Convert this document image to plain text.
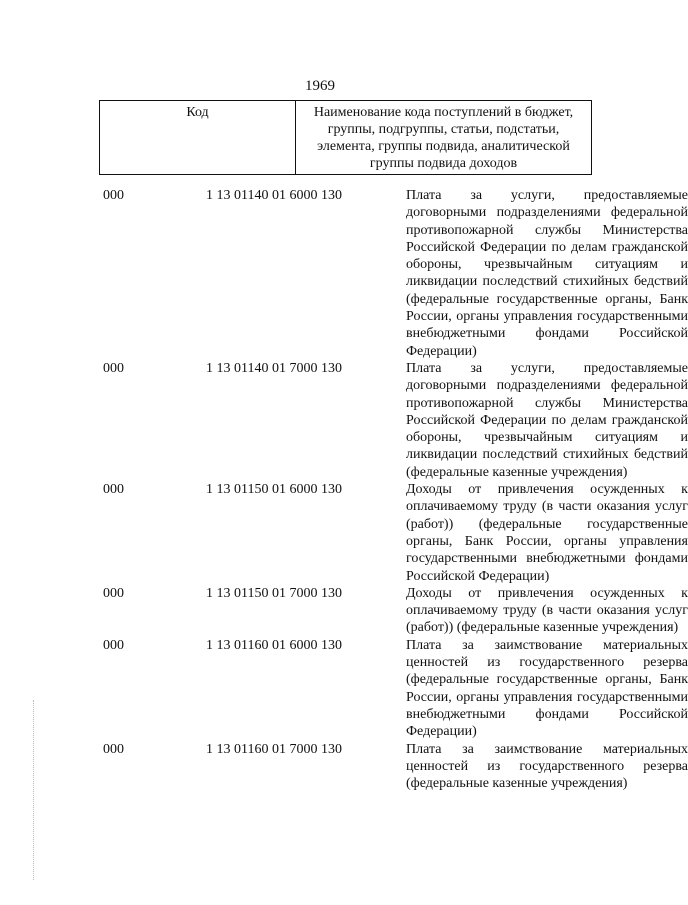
1969
Код	Наименование кода поступлений в бюджет, группы, подгруппы, статьи, подстатьи, элемента, группы подвида, аналитической группы подвида доходов
000	1 13 01140 01 6000 130	Плата за услуги, предоставляемые договорными подразделениями федеральной противопожарной службы Министерства Российской Федерации по делам гражданской обороны, чрезвычайным ситуациям и ликвидации последствий стихийных бедствий (федеральные государственные органы, Банк России, органы управления государственными внебюджетными фондами Российской Федерации)
000	1 13 01140 01 7000 130	Плата за услуги, предоставляемые договорными подразделениями федеральной противопожарной службы Министерства Российской Федерации по делам гражданской обороны, чрезвычайным ситуациям и ликвидации последствий стихийных бедствий (федеральные казенные учреждения)
000	1 13 01150 01 6000 130	Доходы от привлечения осужденных к оплачиваемому труду (в части оказания услуг (работ)) (федеральные государственные органы, Банк России, органы управления государственными внебюджетными фондами Российской Федерации)
000	1 13 01150 01 7000 130	Доходы от привлечения осужденных к оплачиваемому труду (в части оказания услуг (работ)) (федеральные казенные учреждения)
000	1 13 01160 01 6000 130	Плата за заимствование материальных ценностей из государственного резерва (федеральные государственные органы, Банк России, органы управления государственными внебюджетными фондами Российской Федерации)
000	1 13 01160 01 7000 130	Плата за заимствование материальных ценностей из государственного резерва (федеральные казенные учреждения)
